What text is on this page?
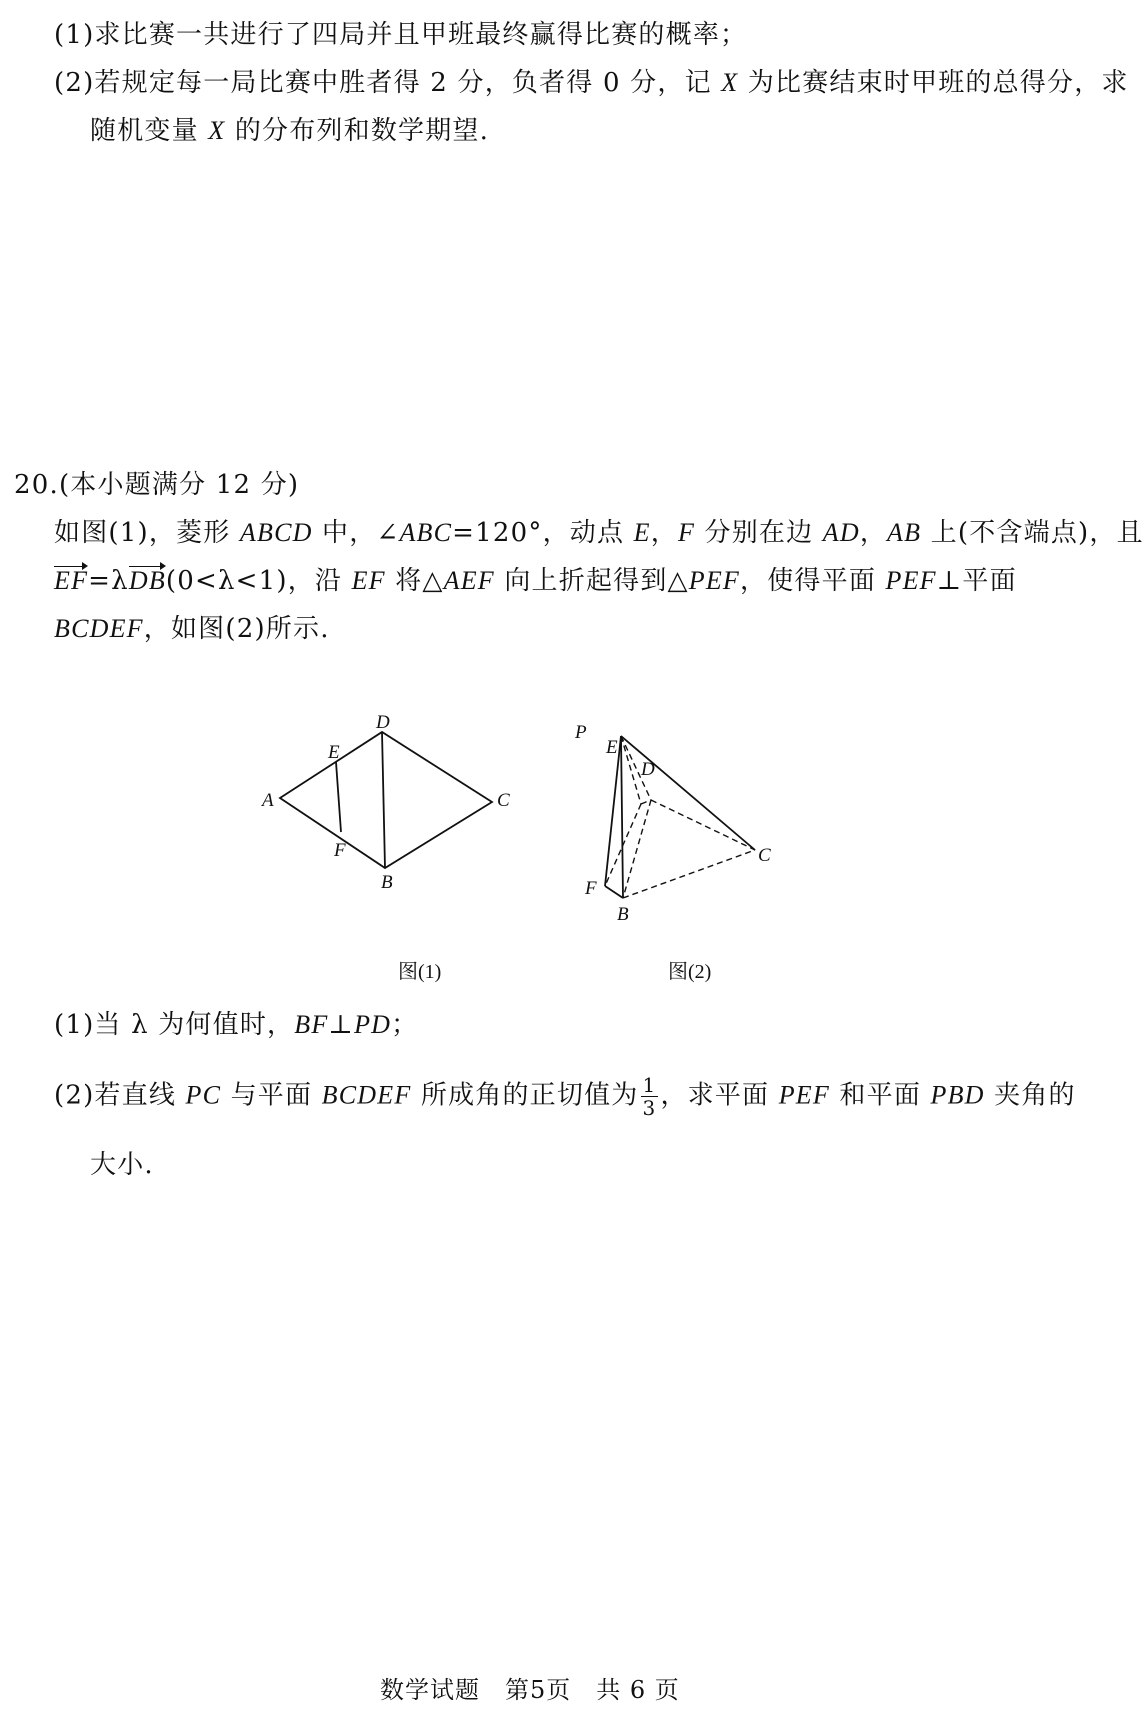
(1)求比赛一共进行了四局并且甲班最终赢得比赛的概率；
(2)若规定每一局比赛中胜者得 2 分，负者得 0 分，记 X 为比赛结束时甲班的总得分，求
随机变量 X 的分布列和数学期望.
20.(本小题满分 12 分)
如图(1)，菱形 ABCD 中，∠ABC=120°，动点 E，F 分别在边 AD，AB 上(不含端点)，且
EF=λDB(0<λ<1)，沿 EF 将△AEF 向上折起得到△PEF，使得平面 PEF⊥平面
BCDEF，如图(2)所示.
D
E
A	C
F
B
P
E
D
C
F
B
图(1)	图(2)
(1)当 λ 为何值时，BF⊥PD；
(2)若直线 PC 与平面 BCDEF 所成角的正切值为 $\frac{1}{3}$ ，求平面 PEF 和平面 PBD 夹角的
大小.
数学试题　第5页　共 6 页
